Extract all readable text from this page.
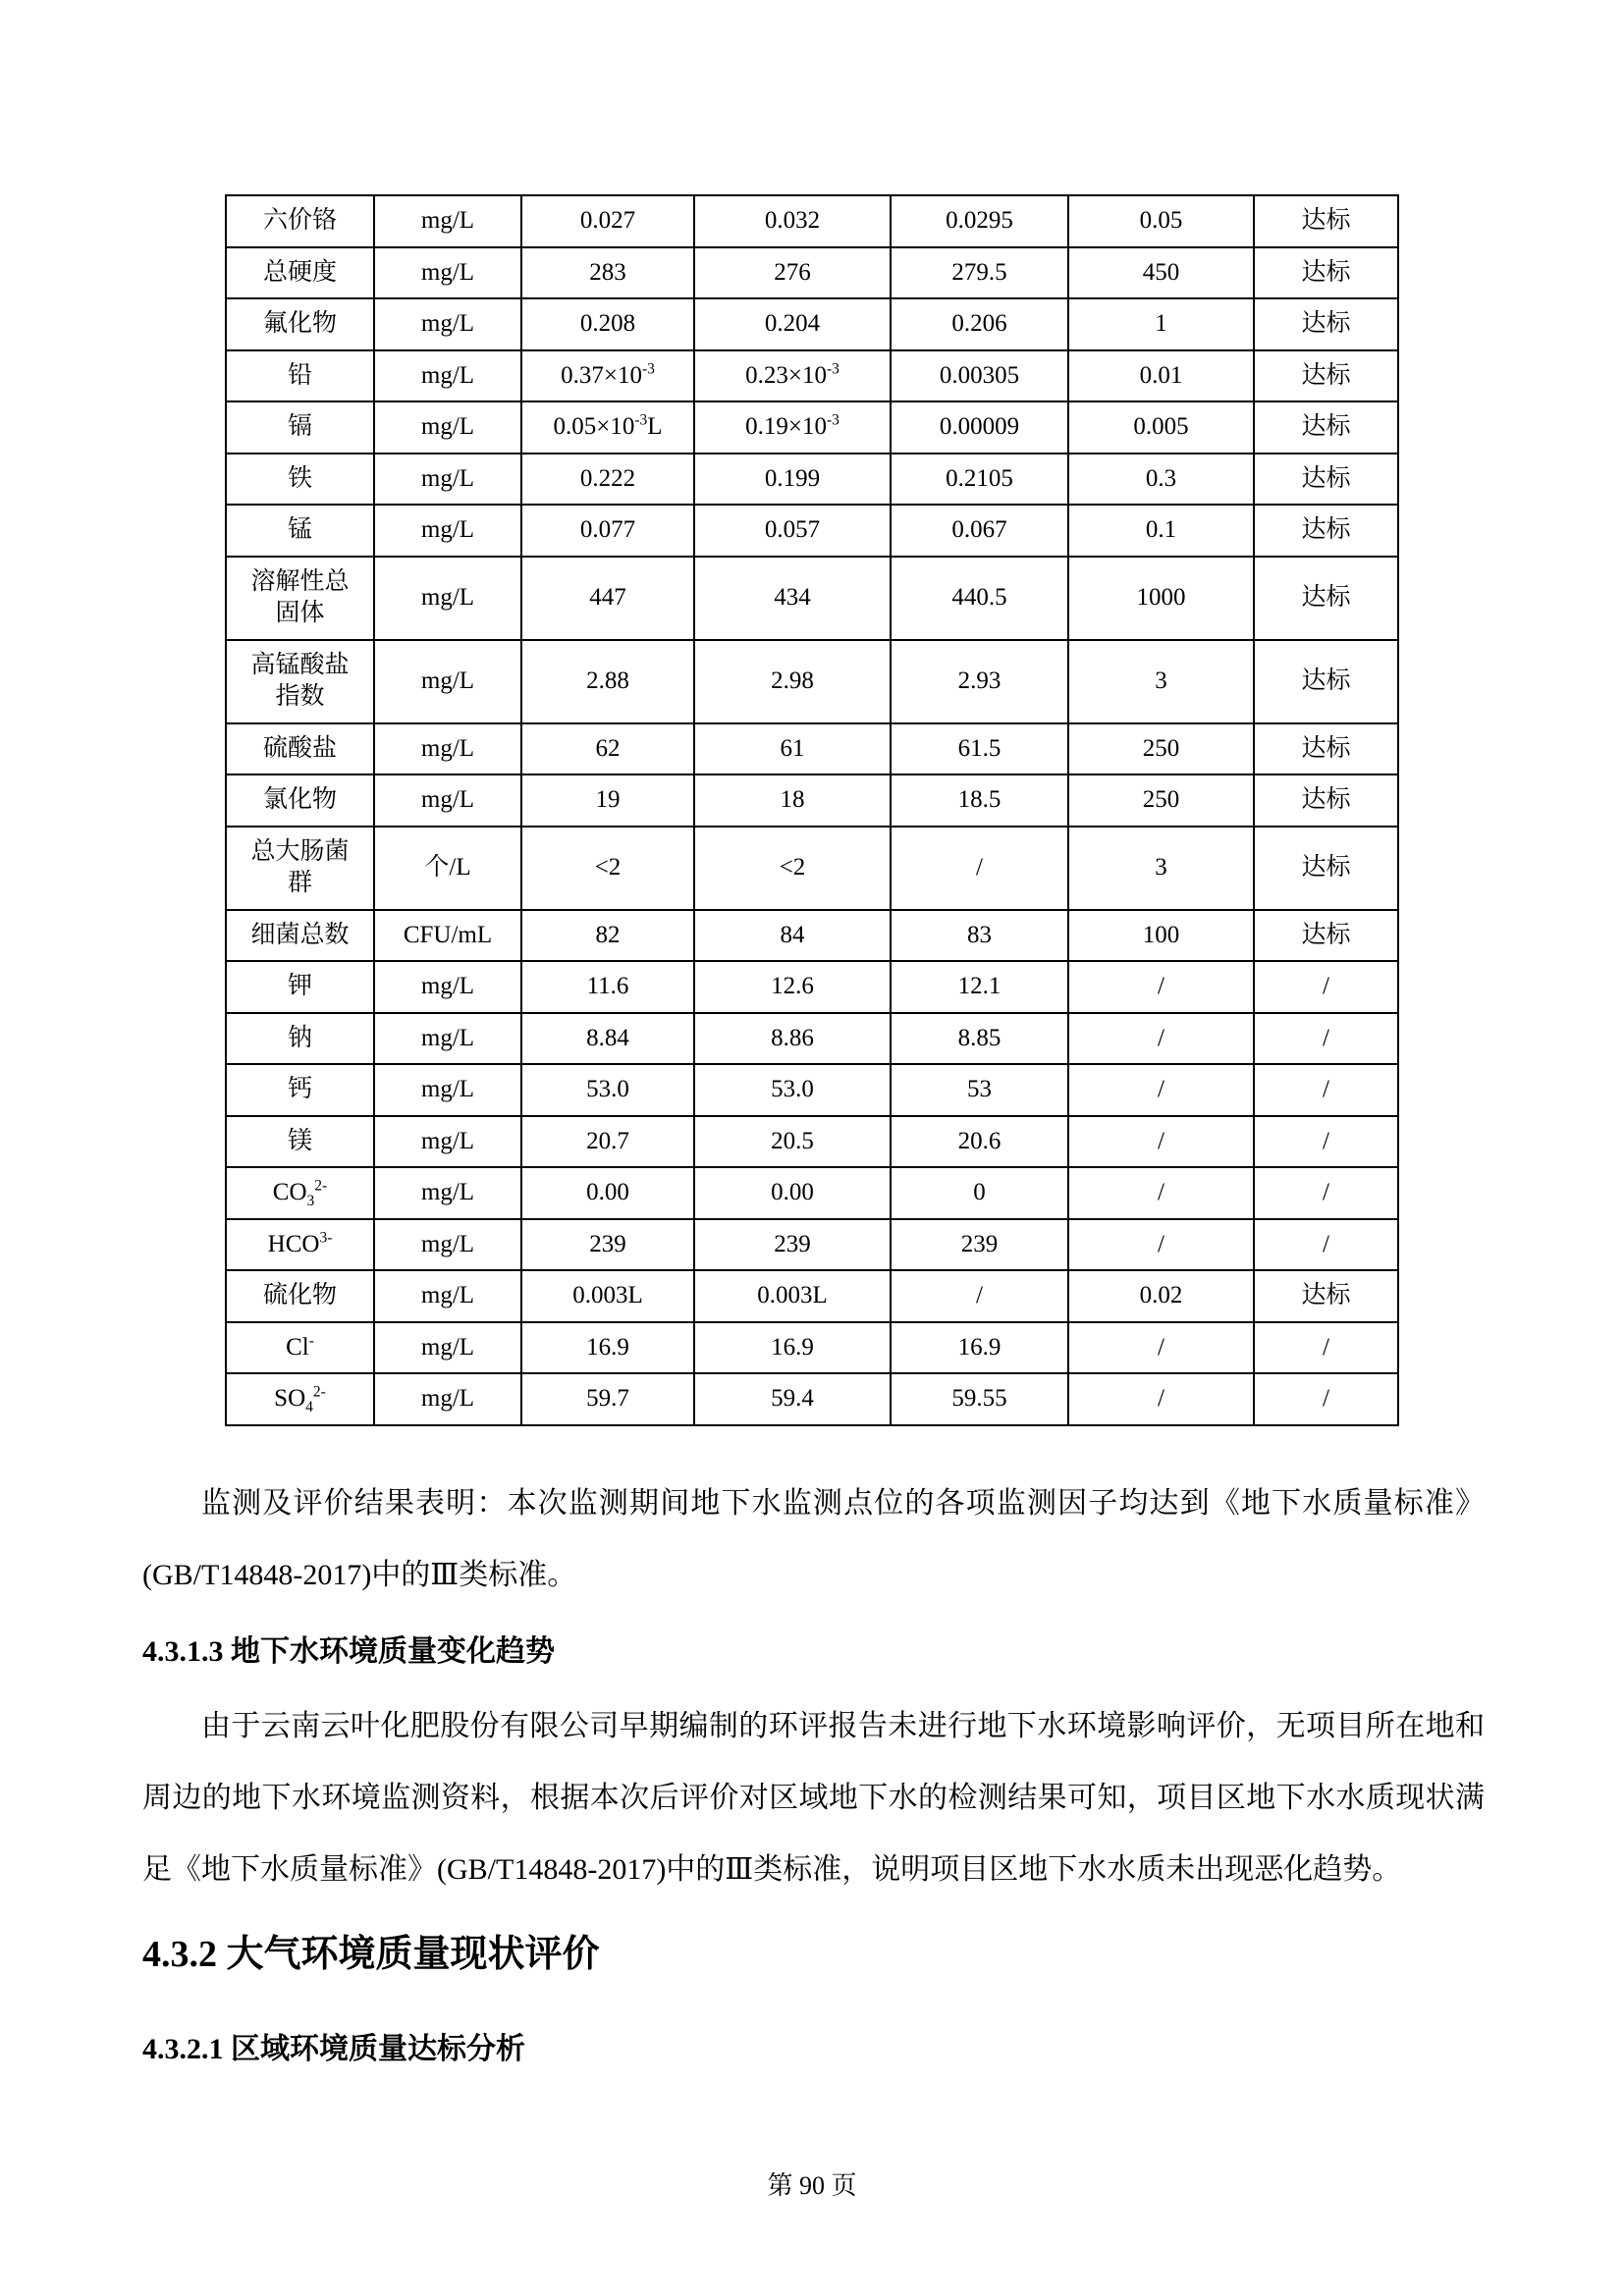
六价铬	mg/L	0.027	0.032	0.0295	0.05	达标
总硬度	mg/L	283	276	279.5	450	达标
氟化物	mg/L	0.208	0.204	0.206	1	达标
铅	mg/L	$0.37\times 10^{-3}$	$0.23\times 10^{-3}$	0.00305	0.01	达标
镉	mg/L	$0.05\times 10^{-3}L$	$0.19\times 10^{-3}$	0.00009	0.005	达标
铁	mg/L	0.222	0.199	0.2105	0.3	达标
锰	mg/L	0.077	0.057	0.067	0.1	达标
溶解性总固体	mg/L	447	434	440.5	1000	达标
高锰酸盐指数	mg/L	2.88	2.98	2.93	3	达标
硫酸盐	mg/L	62	61	61.5	250	达标
氯化物	mg/L	19	18	18.5	250	达标
总大肠菌群	个/L	<2	<2	/	3	达标
细菌总数	CFU/mL	82	84	83	100	达标
钾	mg/L	11.6	12.6	12.1	/	/
钠	mg/L	8.84	8.86	8.85	/	/
钙	mg/L	53.0	53.0	53	/	/
镁	mg/L	20.7	20.5	20.6	/	/
$CO_3^{2-}$	mg/L	0.00	0.00	0	/	/
$HCO^{3-}$	mg/L	239	239	239	/	/
硫化物	mg/L	0.003L	0.003L	/	0.02	达标
Cl-	mg/L	16.9	16.9	16.9	/	/
$SO_4^{2-}$	mg/L	59.7	59.4	59.55	/	/

监测及评价结果表明：本次监测期间地下水监测点位的各项监测因子均达到《地下水质量标准》(GB/T14848-2017)中的Ⅲ类标准。

4.3.1.3 地下水环境质量变化趋势

由于云南云叶化肥股份有限公司早期编制的环评报告未进行地下水环境影响评价，无项目所在地和周边的地下水环境监测资料，根据本次后评价对区域地下水的检测结果可知，项目区地下水水质现状满足《地下水质量标准》(GB/T14848-2017)中的Ⅲ类标准，说明项目区地下水水质未出现恶化趋势。

4.3.2 大气环境质量现状评价
4.3.2.1 区域环境质量达标分析
第 90 页
